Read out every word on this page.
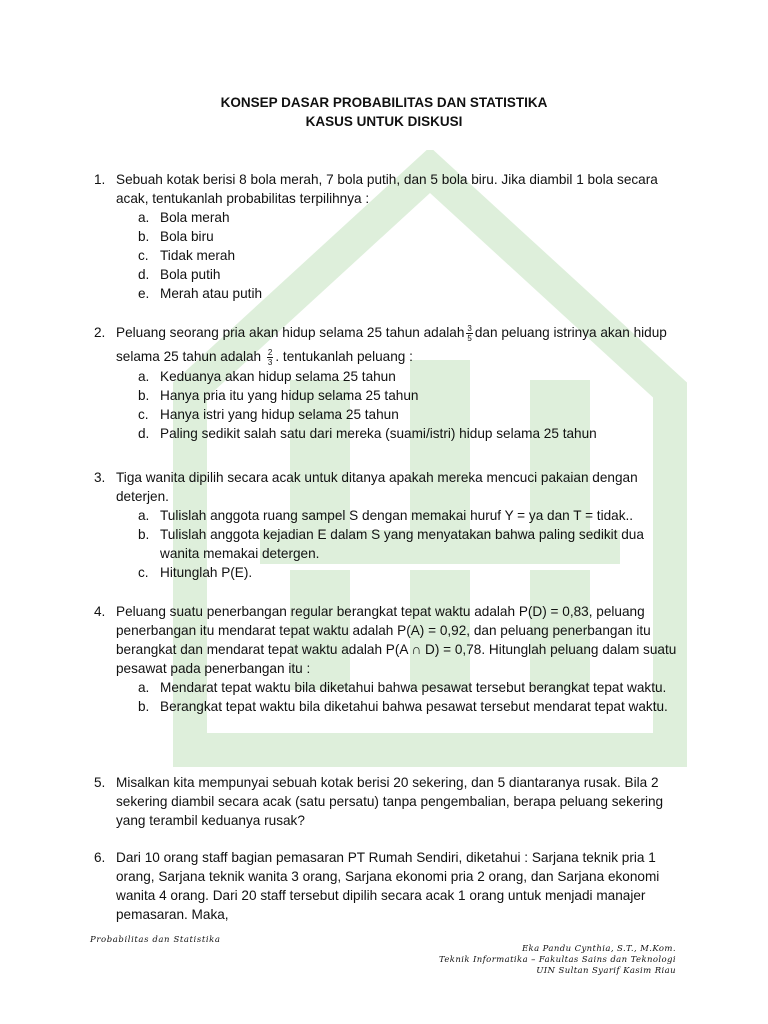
KONSEP DASAR PROBABILITAS DAN STATISTIKA
KASUS UNTUK DISKUSI
1. Sebuah kotak berisi 8 bola merah, 7 bola putih, dan 5 bola biru. Jika diambil 1 bola secara acak, tentukanlah probabilitas terpilihnya :
a. Bola merah
b. Bola biru
c. Tidak merah
d. Bola putih
e. Merah atau putih
2. Peluang seorang pria akan hidup selama 25 tahun adalah $\frac{3}{5}$ dan peluang istrinya akan hidup
selama 25 tahun adalah $\frac{2}{3}$ . tentukanlah peluang :
a. Keduanya akan hidup selama 25 tahun
b. Hanya pria itu yang hidup selama 25 tahun
c. Hanya istri yang hidup selama 25 tahun
d. Paling sedikit salah satu dari mereka (suami/istri) hidup selama 25 tahun
3. Tiga wanita dipilih secara acak untuk ditanya apakah mereka mencuci pakaian dengan deterjen.
a. Tulislah anggota ruang sampel S dengan memakai huruf Y = ya dan T = tidak..
b. Tulislah anggota kejadian E dalam S yang menyatakan bahwa paling sedikit dua wanita memakai detergen.
c. Hitunglah P(E).
4. Peluang suatu penerbangan regular berangkat tepat waktu adalah P(D) = 0,83, peluang penerbangan itu mendarat tepat waktu adalah P(A) = 0,92, dan peluang penerbangan itu berangkat dan mendarat tepat waktu adalah P(A ∩ D) = 0,78. Hitunglah peluang dalam suatu pesawat pada penerbangan itu :
a. Mendarat tepat waktu bila diketahui bahwa pesawat tersebut berangkat tepat waktu.
b. Berangkat tepat waktu bila diketahui bahwa pesawat tersebut mendarat tepat waktu.
5. Misalkan kita mempunyai sebuah kotak berisi 20 sekering, dan 5 diantaranya rusak. Bila 2 sekering diambil secara acak (satu persatu) tanpa pengembalian, berapa peluang sekering yang terambil keduanya rusak?
6. Dari 10 orang staff bagian pemasaran PT Rumah Sendiri, diketahui : Sarjana teknik pria 1 orang, Sarjana teknik wanita 3 orang, Sarjana ekonomi pria 2 orang, dan Sarjana ekonomi wanita 4 orang. Dari 20 staff tersebut dipilih secara acak 1 orang untuk menjadi manajer pemasaran. Maka,
Probabilitas dan Statistika
Eka Pandu Cynthia, S.T., M.Kom.
Teknik Informatika – Fakultas Sains dan Teknologi
UIN Sultan Syarif Kasim Riau
